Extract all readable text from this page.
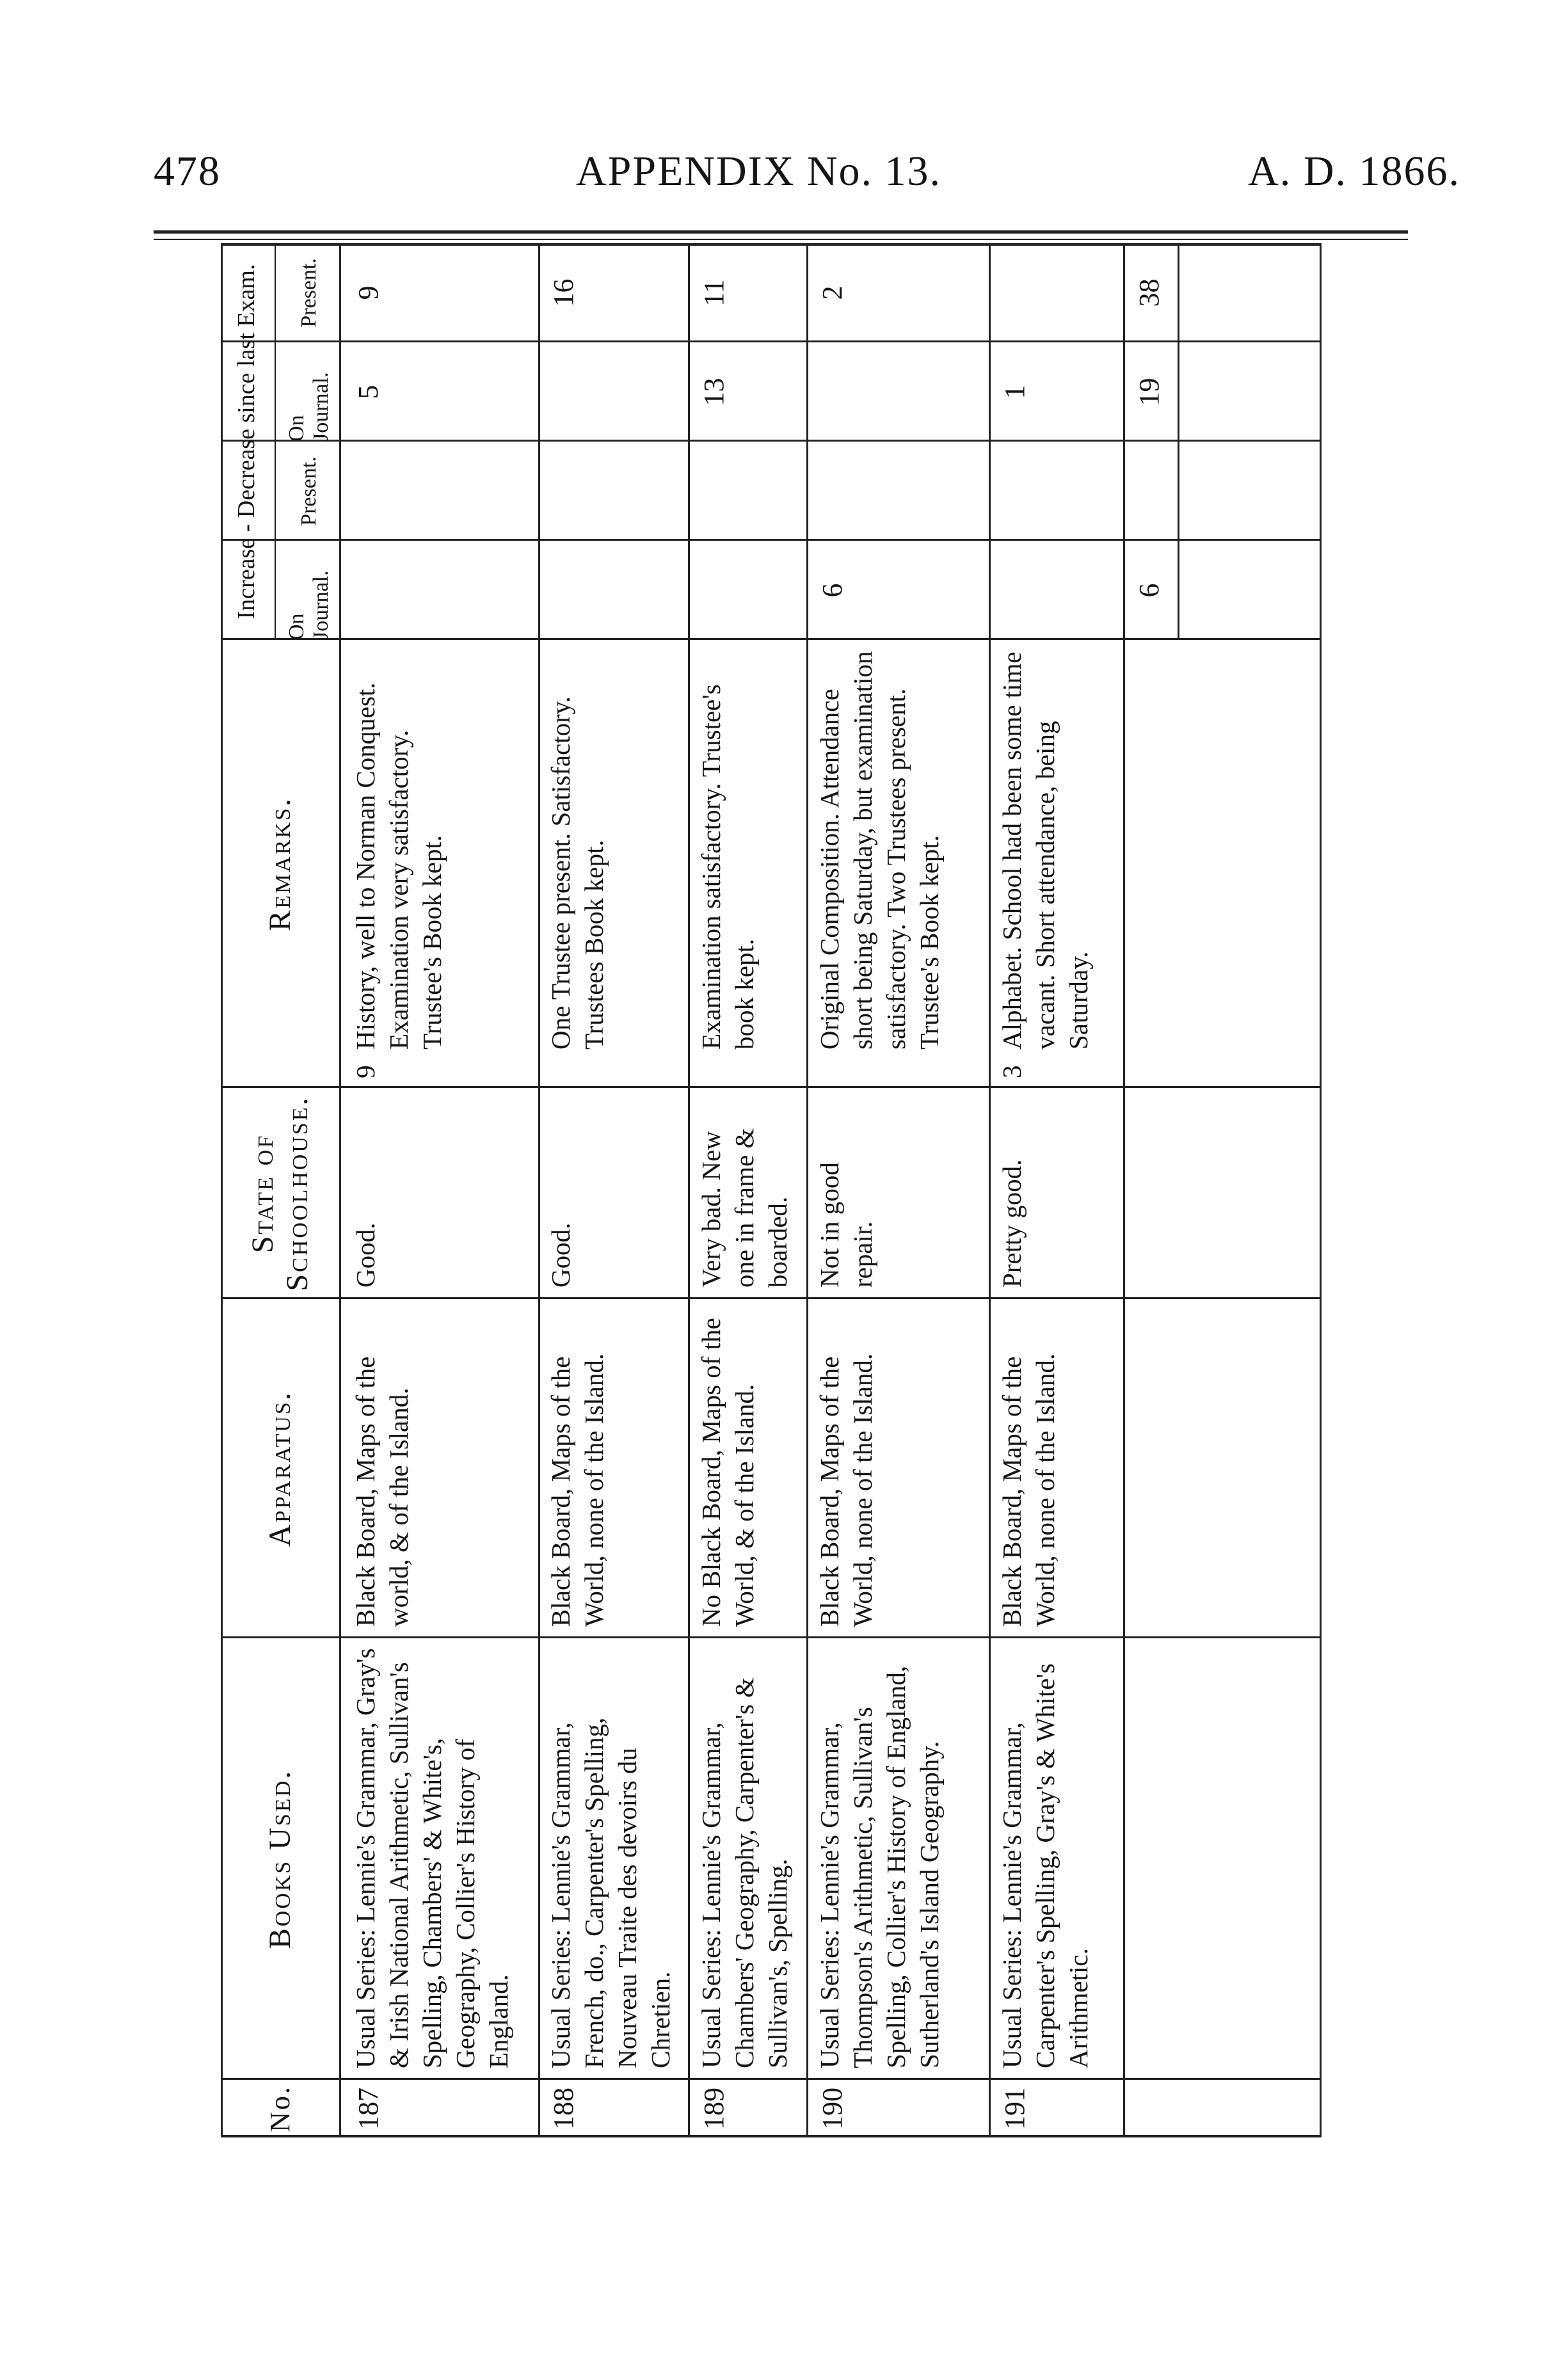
478	APPENDIX No. 13.	A. D. 1866.
No.
Books Used.
Apparatus.
State of Schoolhouse.
Remarks.
Increase - Decrease since last Exam.
On Journal.
Present.
On Journal.
Present.
187
Usual Series: Lennie's Grammar, Gray's & Irish National Arithmetic, Sullivan's Spelling, Chambers' & White's, Geography, Collier's History of England.
Black Board, Maps of the world, & of the Island.
Good.
9
History, well to Norman Conquest. Examination very satisfactory. Trustee's Book kept.
5
9
188
Usual Series: Lennie's Grammar, French, do., Carpenter's Spelling, Nouveau Traite des devoirs du Chretien.
Black Board, Maps of the World, none of the Island.
Good.
One Trustee present. Satisfactory. Trustees Book kept.
16
189
Usual Series: Lennie's Grammar, Chambers' Geography, Carpenter's & Sullivan's, Spelling.
No Black Board, Maps of the World, & of the Island.
Very bad. New one in frame & boarded.
Examination satisfactory. Trustee's book kept.
13
11
190
Usual Series: Lennie's Grammar, Thompson's Arithmetic, Sullivan's Spelling, Collier's History of England, Sutherland's Island Geography.
Black Board, Maps of the World, none of the Island.
Not in good repair.
Original Composition. Attendance short being Saturday, but examination satisfactory. Two Trustees present. Trustee's Book kept.
6
2
191
Usual Series: Lennie's Grammar, Carpenter's Spelling, Gray's & White's Arithmetic.
Black Board, Maps of the World, none of the Island.
Pretty good.
3
Alphabet. School had been some time vacant. Short attendance, being Saturday.
1
6
19
38
